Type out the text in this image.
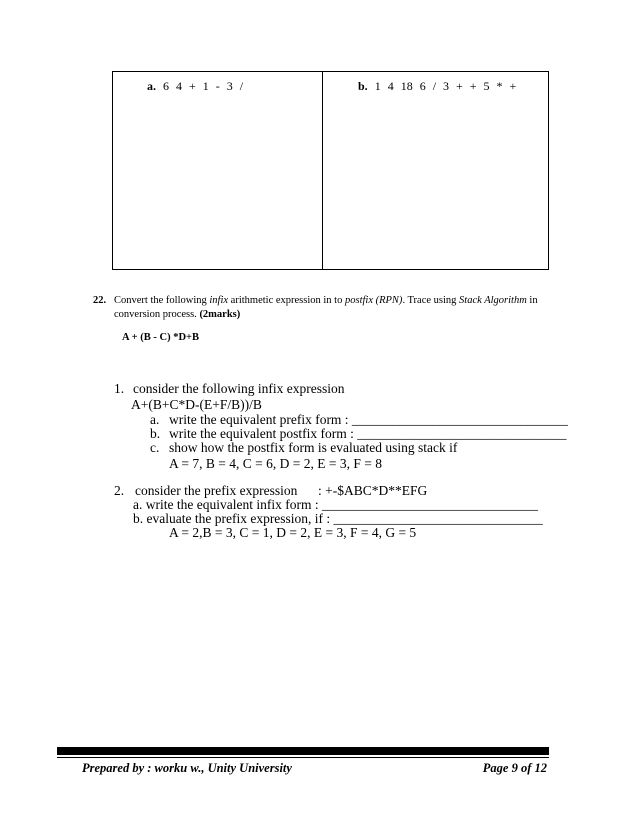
a. 6 4 + 1 - 3 /	b. 1 4 18 6 / 3 + + 5 * +
22. Convert the following infix arithmetic expression in to postfix (RPN). Trace using Stack Algorithm in
conversion process. (2marks)
A + (B - C) *D+B
1. consider the following infix expression
A+(B+C*D-(E+F/B))/B
a. write the equivalent prefix form : ________________________________
b. write the equivalent postfix form : _______________________________
c. show how the postfix form is evaluated using stack if
A = 7, B = 4, C = 6, D = 2, E = 3, F = 8
2. consider the prefix expression : +-$ABC*D**EFG
a. write the equivalent infix form : ________________________________
b. evaluate the prefix expression, if : _______________________________
A = 2,B = 3, C = 1, D = 2, E = 3, F = 4, G = 5
Prepared by : worku w., Unity University	Page 9 of 12
